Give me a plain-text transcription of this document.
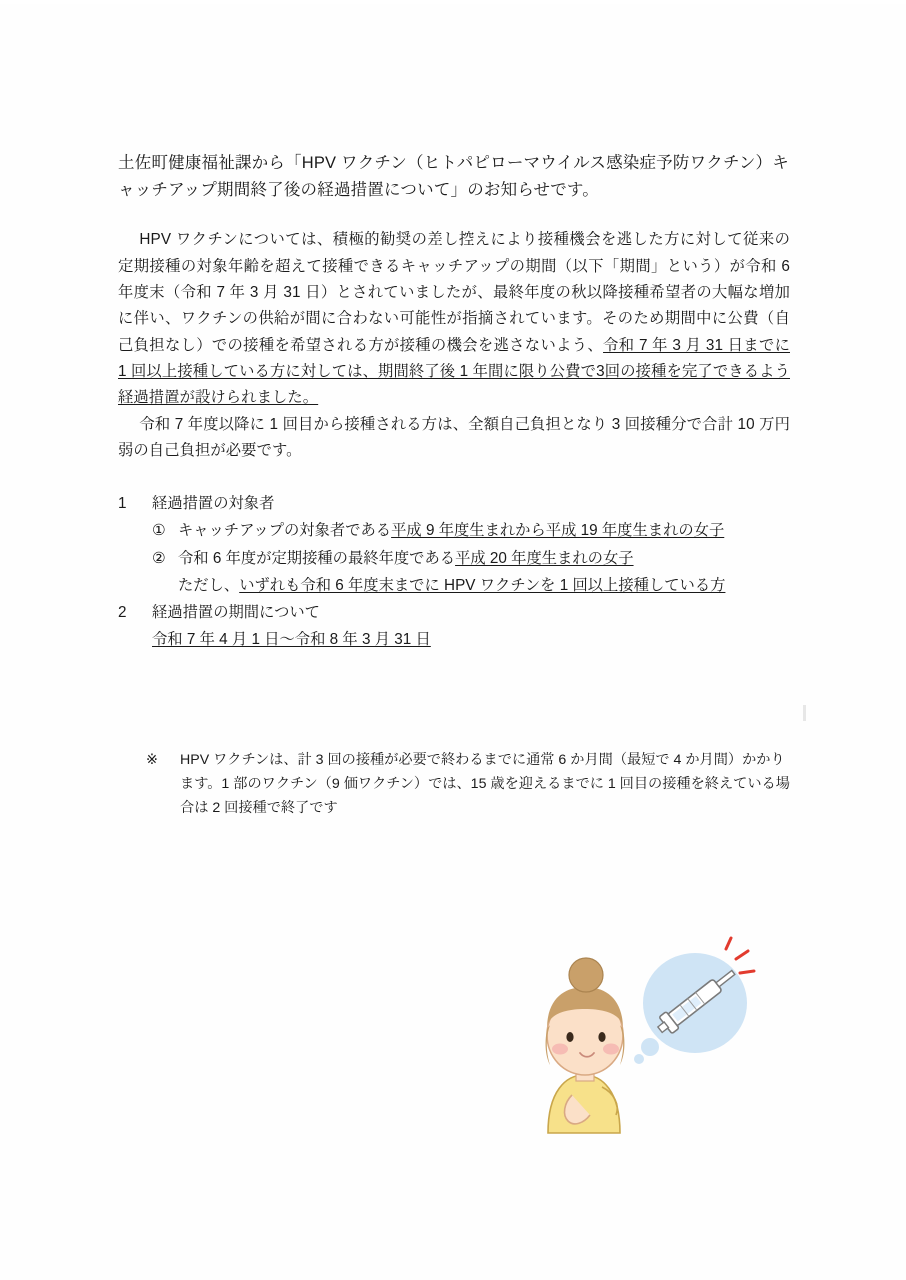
土佐町健康福祉課から「HPV ワクチン（ヒトパピローマウイルス感染症予防ワクチン）キャッチアップ期間終了後の経過措置について」のお知らせです。

HPV ワクチンについては、積極的勧奨の差し控えにより接種機会を逃した方に対して従来の定期接種の対象年齢を超えて接種できるキャッチアップの期間（以下「期間」という）が令和 6 年度末（令和 7 年 3 月 31 日）とされていましたが、最終年度の秋以降接種希望者の大幅な増加に伴い、ワクチンの供給が間に合わない可能性が指摘されています。そのため期間中に公費（自己負担なし）での接種を希望される方が接種の機会を逃さないよう、令和 7 年 3 月 31 日までに 1 回以上接種している方に対しては、期間終了後 1 年間に限り公費で3回の接種を完了できるよう経過措置が設けられました。

令和 7 年度以降に 1 回目から接種される方は、全額自己負担となり 3 回接種分で合計 10 万円弱の自己負担が必要です。

1	経過措置の対象者
① キャッチアップの対象者である平成 9 年度生まれから平成 19 年度生まれの女子
② 令和 6 年度が定期接種の最終年度である平成 20 年度生まれの女子
ただし、いずれも令和 6 年度末までに HPV ワクチンを 1 回以上接種している方
2	経過措置の期間について
令和 7 年 4 月 1 日～令和 8 年 3 月 31 日
※	HPV ワクチンは、計 3 回の接種が必要で終わるまでに通常 6 か月間（最短で 4 か月間）かかります。1 部のワクチン（9 価ワクチン）では、15 歳を迎えるまでに 1 回目の接種を終えている場合は 2 回接種で終了です
